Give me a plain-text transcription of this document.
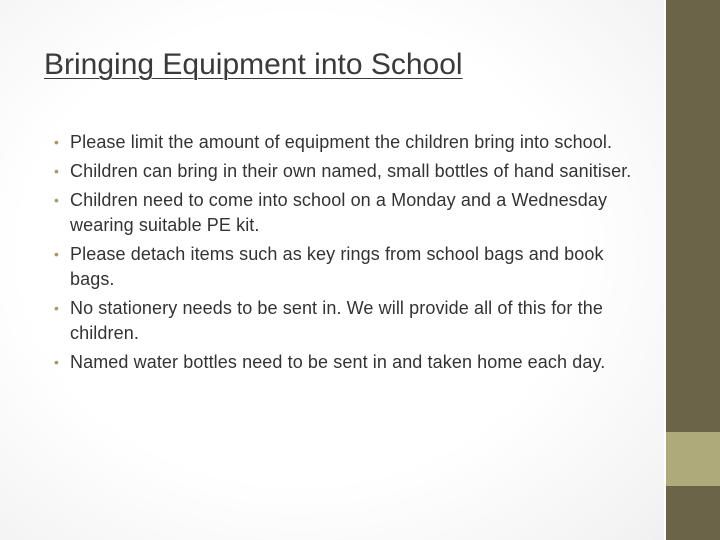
Bringing Equipment into School
• Please limit the amount of equipment the children bring into school.
• Children can bring in their own named, small bottles of hand sanitiser.
• Children need to come into school on a Monday and a Wednesday wearing suitable PE kit.
• Please detach items such as key rings from school bags and book bags.
• No stationery needs to be sent in. We will provide all of this for the children.
• Named water bottles need to be sent in and taken home each day.
